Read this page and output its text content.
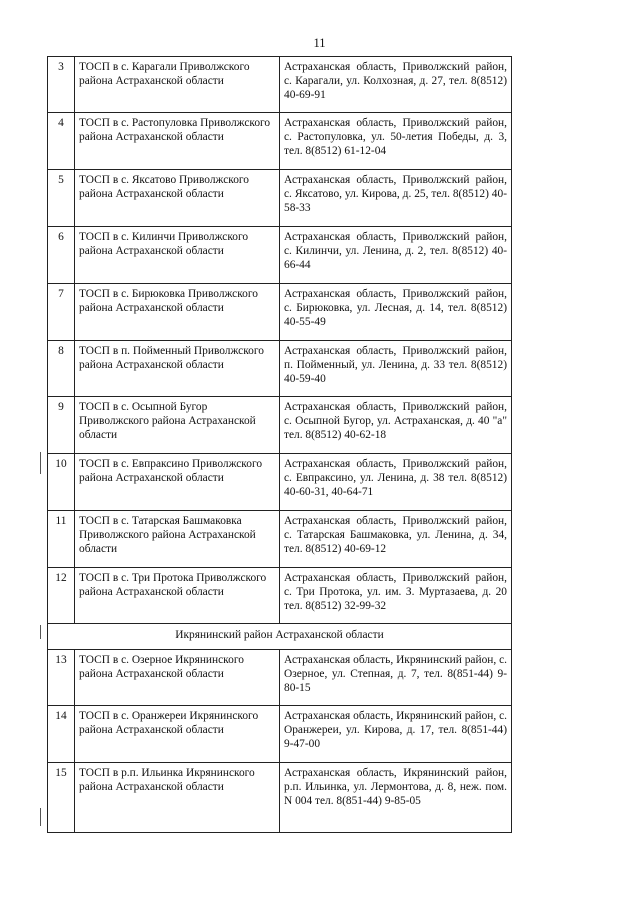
11
3	ТОСП в с. Карагали Приволжского района Астраханской области	Астраханская область, Приволжский район, с. Карагали, ул. Колхозная, д. 27, тел. 8(8512) 40-69-91
4	ТОСП в с. Растопуловка Приволжского района Астраханской области	Астраханская область, Приволжский район, с. Растопуловка, ул. 50-летия Победы, д. 3, тел. 8(8512) 61-12-04
5	ТОСП в с. Яксатово Приволжского района Астраханской области	Астраханская область, Приволжский район, с. Яксатово, ул. Кирова, д. 25, тел. 8(8512) 40-58-33
6	ТОСП в с. Килинчи Приволжского района Астраханской области	Астраханская область, Приволжский район, с. Килинчи, ул. Ленина, д. 2, тел. 8(8512) 40-66-44
7	ТОСП в с. Бирюковка Приволжского района Астраханской области	Астраханская область, Приволжский район, с. Бирюковка, ул. Лесная, д. 14, тел. 8(8512) 40-55-49
8	ТОСП в п. Пойменный Приволжского района Астраханской области	Астраханская область, Приволжский район, п. Пойменный, ул. Ленина, д. 33 тел. 8(8512) 40-59-40
9	ТОСП в с. Осыпной Бугор Приволжского района Астраханской области	Астраханская область, Приволжский район, с. Осыпной Бугор, ул. Астраханская, д. 40 "а" тел. 8(8512) 40-62-18
10	ТОСП в с. Евпраксино Приволжского района Астраханской области	Астраханская область, Приволжский район, с. Евпраксино, ул. Ленина, д. 38 тел. 8(8512) 40-60-31, 40-64-71
11	ТОСП в с. Татарская Башмаковка Приволжского района Астраханской области	Астраханская область, Приволжский район, с. Татарская Башмаковка, ул. Ленина, д. 34, тел. 8(8512) 40-69-12
12	ТОСП в с. Три Протока Приволжского района Астраханской области	Астраханская область, Приволжский район, с. Три Протока, ул. им. З. Муртазаева, д. 20 тел. 8(8512) 32-99-32
Икрянинский район Астраханской области		
13	ТОСП в с. Озерное Икрянинского района Астраханской области	Астраханская область, Икрянинский район, с. Озерное, ул. Степная, д. 7, тел. 8(851-44) 9-80-15
14	ТОСП в с. Оранжереи Икрянинского района Астраханской области	Астраханская область, Икрянинский район, с. Оранжереи, ул. Кирова, д. 17, тел. 8(851-44) 9-47-00
15	ТОСП в р.п. Ильинка Икрянинского района Астраханской области	Астраханская область, Икрянинский район, р.п. Ильинка, ул. Лермонтова, д. 8, неж. пом. N 004 тел. 8(851-44) 9-85-05
